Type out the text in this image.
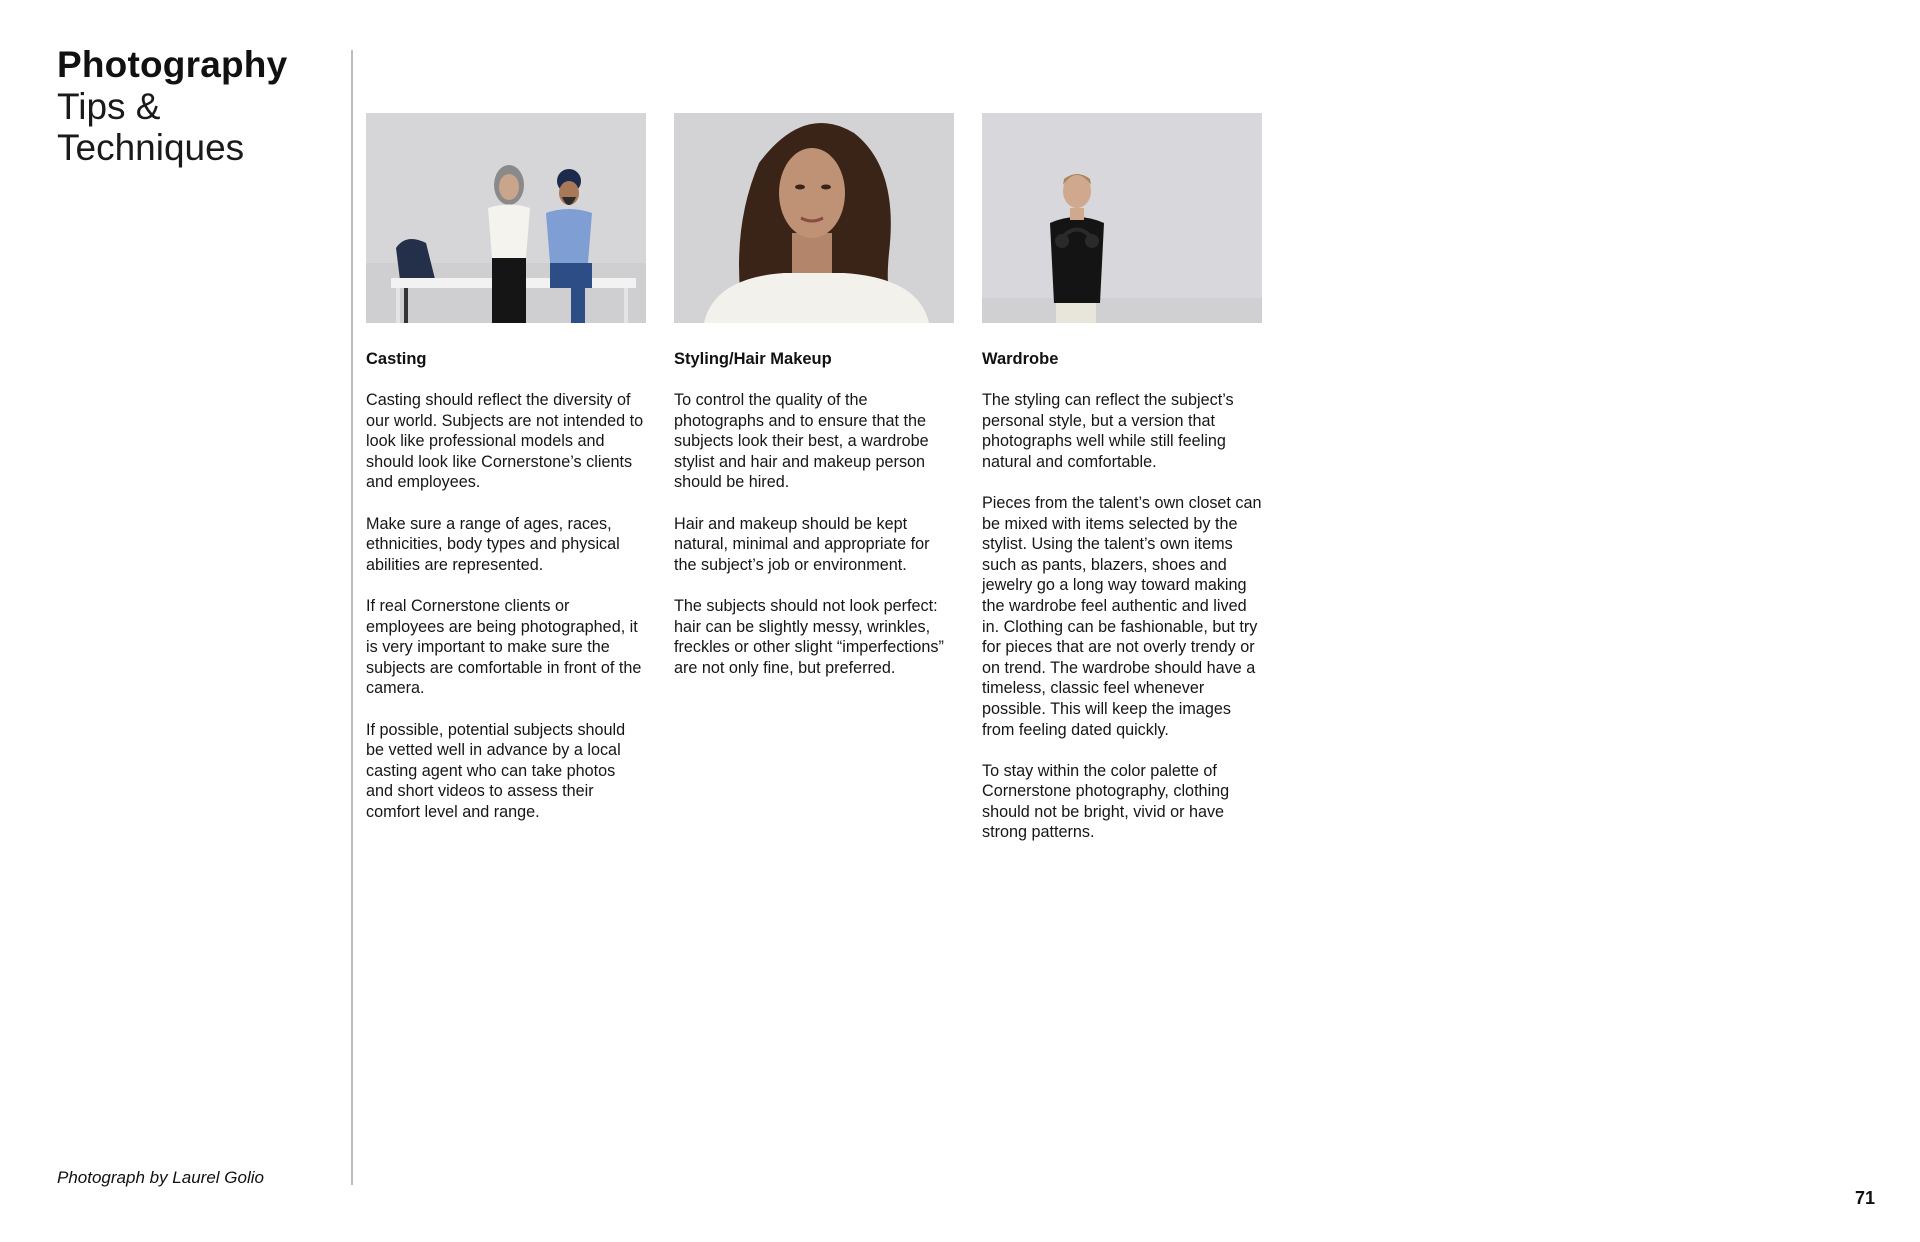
Photography
Tips &
Techniques
Casting

Casting should reflect the diversity of our world. Subjects are not intended to look like professional models and should look like Cornerstone’s clients and employees.

Make sure a range of ages, races, ethnicities, body types and physical abilities are represented.

If real Cornerstone clients or employees are being photographed, it is very important to make sure the subjects are comfortable in front of the camera.

If possible, potential subjects should be vetted well in advance by a local casting agent who can take photos and short videos to assess their comfort level and range.

Styling/Hair Makeup

To control the quality of the photographs and to ensure that the subjects look their best, a wardrobe stylist and hair and makeup person should be hired.

Hair and makeup should be kept natural, minimal and appropriate for the subject’s job or environment.

The subjects should not look perfect: hair can be slightly messy, wrinkles, freckles or other slight “imperfections” are not only fine, but preferred.

Wardrobe

The styling can reflect the subject’s personal style, but a version that photographs well while still feeling natural and comfortable.

Pieces from the talent’s own closet can be mixed with items selected by the stylist. Using the talent’s own items such as pants, blazers, shoes and jewelry go a long way toward making the wardrobe feel authentic and lived in. Clothing can be fashionable, but try for pieces that are not overly trendy or on trend. The wardrobe should have a timeless, classic feel whenever possible. This will keep the images from feeling dated quickly.

To stay within the color palette of Cornerstone photography, clothing should not be bright, vivid or have strong patterns.

Photograph by Laurel Golio
71
